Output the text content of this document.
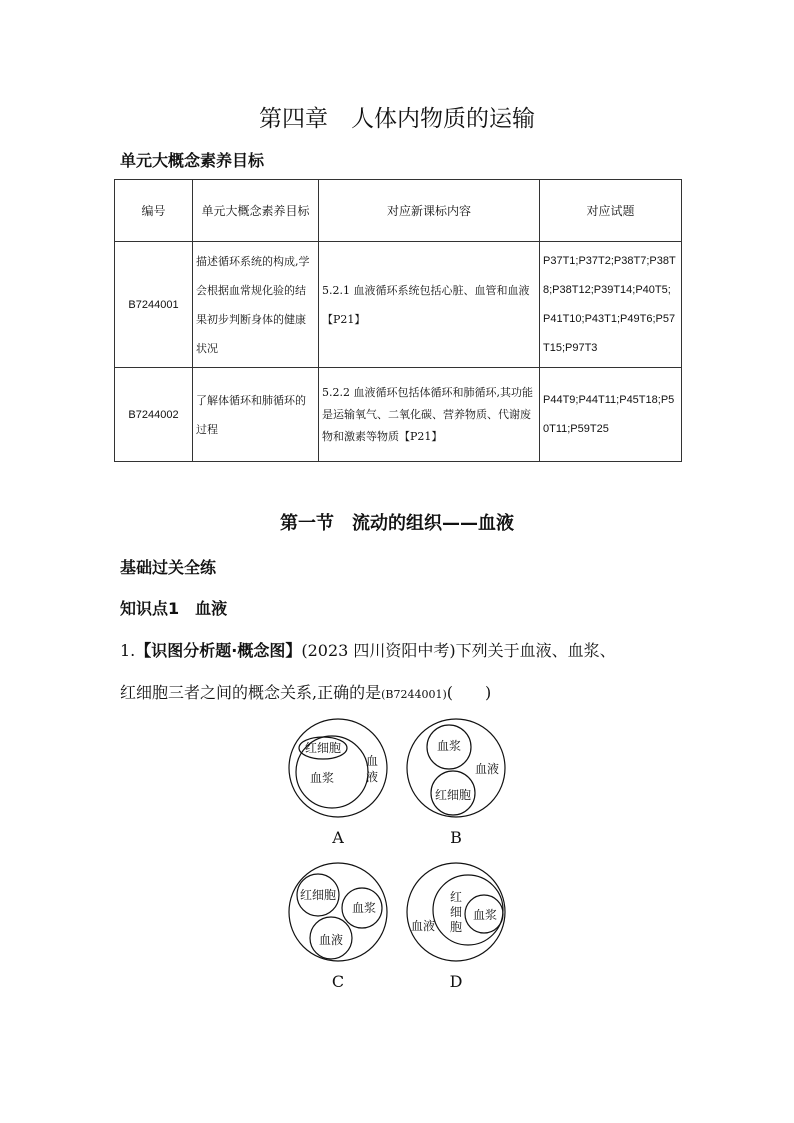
第四章　人体内物质的运输
单元大概念素养目标
编号	单元大概念素养目标	对应新课标内容	对应试题
B7244001	描述循环系统的构成,学会根据血常规化验的结果初步判断身体的健康状况	5.2.1 血液循环系统包括心脏、血管和血液【P21】	P37T1;P37T2;P38T7;P38T8;P38T12;P39T14;P40T5;P41T10;P43T1;P49T6;P57T15;P97T3
B7244002	了解体循环和肺循环的过程	5.2.2 血液循环包括体循环和肺循环,其功能是运输氧气、二氧化碳、营养物质、代谢废物和激素等物质【P21】	P44T9;P44T11;P45T18;P50T11;P59T25
第一节　流动的组织——血液
基础过关全练
知识点1　血液
1.【识图分析题·概念图】(2023 四川资阳中考)下列关于血液、血浆、
红细胞三者之间的概念关系,正确的是(B7244001)(　　)
红细胞
血浆
血
液
A
血浆
血液
红细胞
B
红细胞
血浆
血液
C
红
细
胞
血浆
血液
D
